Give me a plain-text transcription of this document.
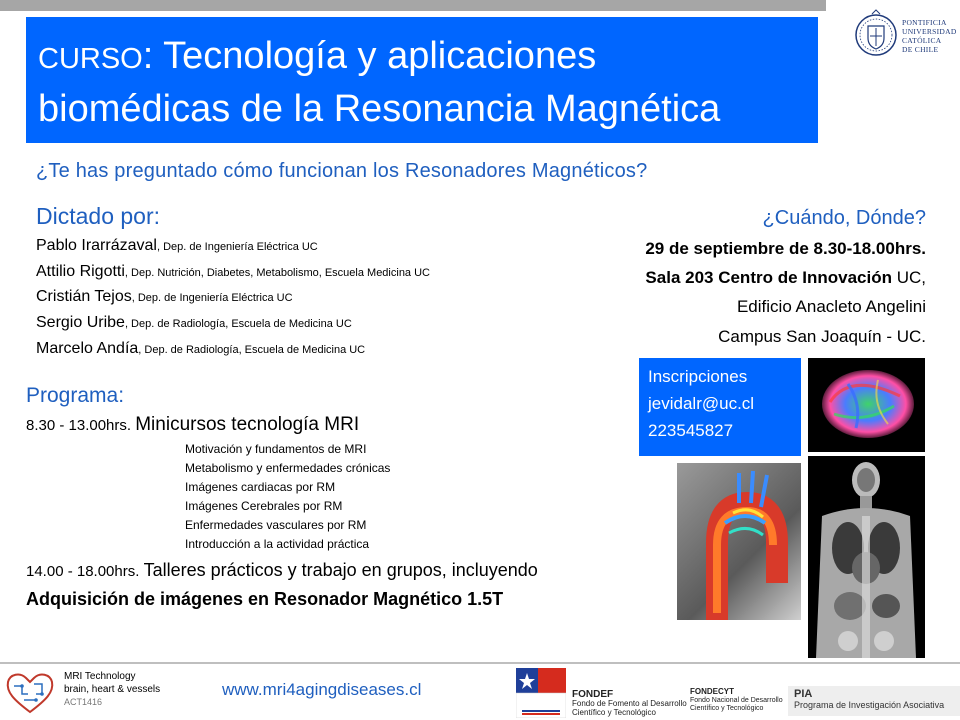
CURSO: Tecnología y aplicaciones
biomédicas de la Resonancia Magnética
PONTIFICIA
UNIVERSIDAD
CATÓLICA
DE CHILE
¿Te has preguntado cómo funcionan los Resonadores Magnéticos?
Dictado por:
Pablo Irarrázaval, Dep. de Ingeniería Eléctrica UC
Attilio Rigotti, Dep. Nutrición, Diabetes, Metabolismo, Escuela Medicina UC
Cristián Tejos, Dep. de Ingeniería Eléctrica UC
Sergio Uribe, Dep. de Radiología, Escuela de Medicina UC
Marcelo Andía, Dep. de Radiología, Escuela de Medicina UC
¿Cuándo, Dónde?
29 de septiembre de 8.30-18.00hrs.
Sala 203 Centro de Innovación UC,
Edificio Anacleto Angelini
Campus San Joaquín - UC.
Inscripciones
jevidalr@uc.cl
223545827
Programa:
8.30 - 13.00hrs. Minicursos tecnología MRI
Motivación y fundamentos de MRI
Metabolismo y enfermedades crónicas
Imágenes cardiacas por RM
Imágenes Cerebrales por RM
Enfermedades vasculares por RM
Introducción a la actividad práctica
14.00 - 18.00hrs. Talleres prácticos y trabajo en grupos, incluyendo
Adquisición de imágenes en Resonador Magnético 1.5T
MRI Technology
brain, heart & vessels
ACT1416
www.mri4agingdiseases.cl	FONDEF
Fondo de Fomento al Desarrollo
Científico y Tecnológico
FONDECYT
Fondo Nacional de Desarrollo
Científico y Tecnológico
PIA
Programa de Investigación Asociativa
